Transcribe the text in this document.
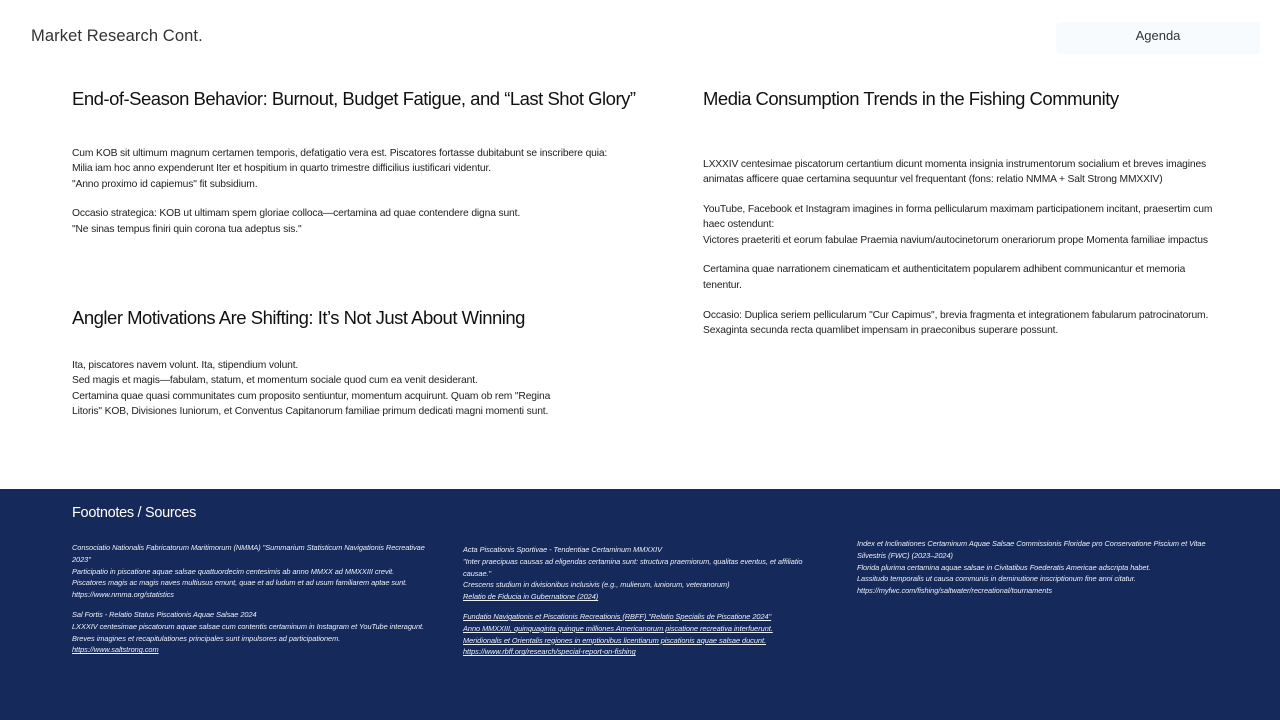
Market Research Cont.	Agenda
End-of-Season Behavior: Burnout, Budget Fatigue, and “Last Shot Glory”

Cum KOB sit ultimum magnum certamen temporis, defatigatio vera est. Piscatores fortasse dubitabunt se inscribere quia:

Milia iam hoc anno expenderunt Iter et hospitium in quarto trimestre difficilius iustificari videntur.

"Anno proximo id capiemus" fit subsidium.

Occasio strategica: KOB ut ultimam spem gloriae colloca—certamina ad quae contendere digna sunt.

"Ne sinas tempus finiri quin corona tua adeptus sis."

Angler Motivations Are Shifting: It’s Not Just About Winning

Ita, piscatores navem volunt. Ita, stipendium volunt.

Sed magis et magis—fabulam, statum, et momentum sociale quod cum ea venit desiderant.

Certamina quae quasi communitates cum proposito sentiuntur, momentum acquirunt. Quam ob rem "Regina Litoris" KOB, Divisiones Iuniorum, et Conventus Capitanorum familiae primum dedicati magni momenti sunt.

Media Consumption Trends in the Fishing Community

LXXXIV centesimae piscatorum certantium dicunt momenta insignia instrumentorum socialium et breves imagines animatas afficere quae certamina sequuntur vel frequentant (fons: relatio NMMA + Salt Strong MMXXIV)

YouTube, Facebook et Instagram imagines in forma pellicularum maximam participationem incitant, praesertim cum haec ostendunt:

Victores praeteriti et eorum fabulae Praemia navium/autocinetorum onerariorum prope Momenta familiae impactus

Certamina quae narrationem cinematicam et authenticitatem popularem adhibent communicantur et memoria tenentur.

Occasio: Duplica seriem pellicularum "Cur Capimus", brevia fragmenta et integrationem fabularum patrocinatorum. Sexaginta secunda recta quamlibet impensam in praeconibus superare possunt.

Footnotes / Sources

Consociatio Nationalis Fabricatorum Maritimorum (NMMA) "Summarium Statisticum Navigationis Recreativae 2023"

Participatio in piscatione aquae salsae quattuordecim centesimis ab anno MMXX ad MMXXIII crevit.

Piscatores magis ac magis naves multiusus emunt, quae et ad ludum et ad usum familiarem aptae sunt.

https://www.nmma.org/statistics

Sal Fortis - Relatio Status Piscationis Aquae Salsae 2024

LXXXIV centesimae piscatorum aquae salsae cum contentis certaminum in Instagram et YouTube interagunt.

Breves imagines et recapitulationes principales sunt impulsores ad participationem.

https://www.saltstrong.com

Acta Piscationis Sportivae - Tendentiae Certaminum MMXXIV

"Inter praecipuas causas ad eligendas certamina sunt: structura praemiorum, qualitas eventus, et affiliatio causae."

Crescens studium in divisionibus inclusivis (e.g., mulierum, iuniorum, veteranorum)

Relatio de Fiducia in Gubernatione (2024)

Fundatio Navigationis et Piscationis Recreationis (RBFF) "Relatio Specialis de Piscatione 2024"

Anno MMXXIII, quinquaginta quinque milliones Americanorum piscatione recreativa interfuerunt.

Meridionalis et Orientalis regiones in emptionibus licentiarum piscationis aquae salsae ducunt.

https://www.rbff.org/research/special-report-on-fishing

Index et Inclinationes Certaminum Aquae Salsae Commissionis Floridae pro Conservatione Piscium et Vitae Silvestris (FWC) (2023–2024)

Florida plurima certamina aquae salsae in Civitatibus Foederatis Americae adscripta habet.

Lassitudo temporalis ut causa communis in deminutione inscriptionum fine anni citatur.

https://myfwc.com/fishing/saltwater/recreational/tournaments
